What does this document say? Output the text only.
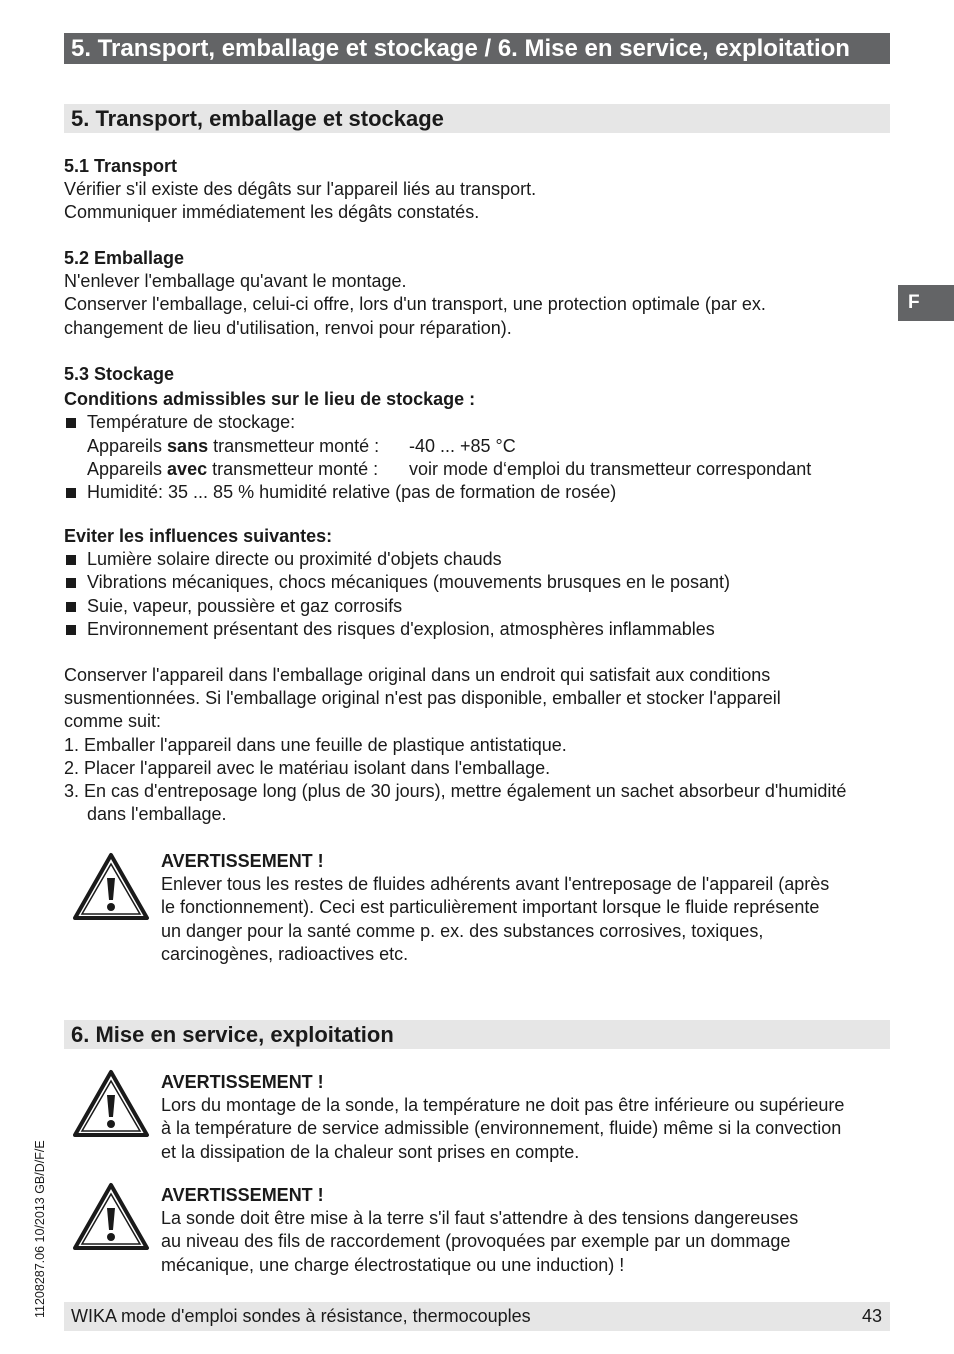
5. Transport, emballage et stockage / 6. Mise en service, exploitation
F
5. Transport, emballage et stockage

5.1 Transport

Vérifier s'il existe des dégâts sur l'appareil liés au transport.

Communiquer immédiatement les dégâts constatés.

5.2 Emballage

N'enlever l'emballage qu'avant le montage.

Conserver l'emballage, celui-ci offre, lors d'un transport, une protection optimale (par ex.

changement de lieu d'utilisation, renvoi pour réparation).

5.3 Stockage

Conditions admissibles sur le lieu de stockage :

Température de stockage:

Appareils sans transmetteur monté :	-40 ... +85 °C
Appareils avec transmetteur monté :	voir mode d‘emploi du transmetteur correspondant

Humidité: 35 ... 85 % humidité relative (pas de formation de rosée)

Eviter les influences suivantes:

Lumière solaire directe ou proximité d'objets chauds

Vibrations mécaniques, chocs mécaniques (mouvements brusques en le posant)

Suie, vapeur, poussière et gaz corrosifs

Environnement présentant des risques d'explosion, atmosphères inflammables

Conserver l'appareil dans l'emballage original dans un endroit qui satisfait aux conditions

susmentionnées. Si l'emballage original n'est pas disponible, emballer et stocker l'appareil

comme suit:

1. Emballer l'appareil dans une feuille de plastique antistatique.

2. Placer l'appareil avec le matériau isolant dans l'emballage.

3. En cas d'entreposage long (plus de 30 jours), mettre également un sachet absorbeur d'humidité dans l'emballage.

AVERTISSEMENT !

Enlever tous les restes de fluides adhérents avant l'entreposage de l'appareil (après

le fonctionnement). Ceci est particulièrement important lorsque le fluide représente

un danger pour la santé comme p. ex. des substances corrosives, toxiques,

carcinogènes, radioactives etc.

6. Mise en service, exploitation

AVERTISSEMENT !

Lors du montage de la sonde, la température ne doit pas être inférieure ou supérieure

à la température de service admissible (environnement, fluide) même si la convection

et la dissipation de la chaleur sont prises en compte.

AVERTISSEMENT !

La sonde doit être mise à la terre s'il faut s'attendre à des tensions dangereuses

au niveau des fils de raccordement (provoquées par exemple par un dommage

mécanique, une charge électrostatique ou une induction) !

11208287.06 10/2013 GB/D/F/E WIKA mode d'emploi sondes à résistance, thermocouples	43
